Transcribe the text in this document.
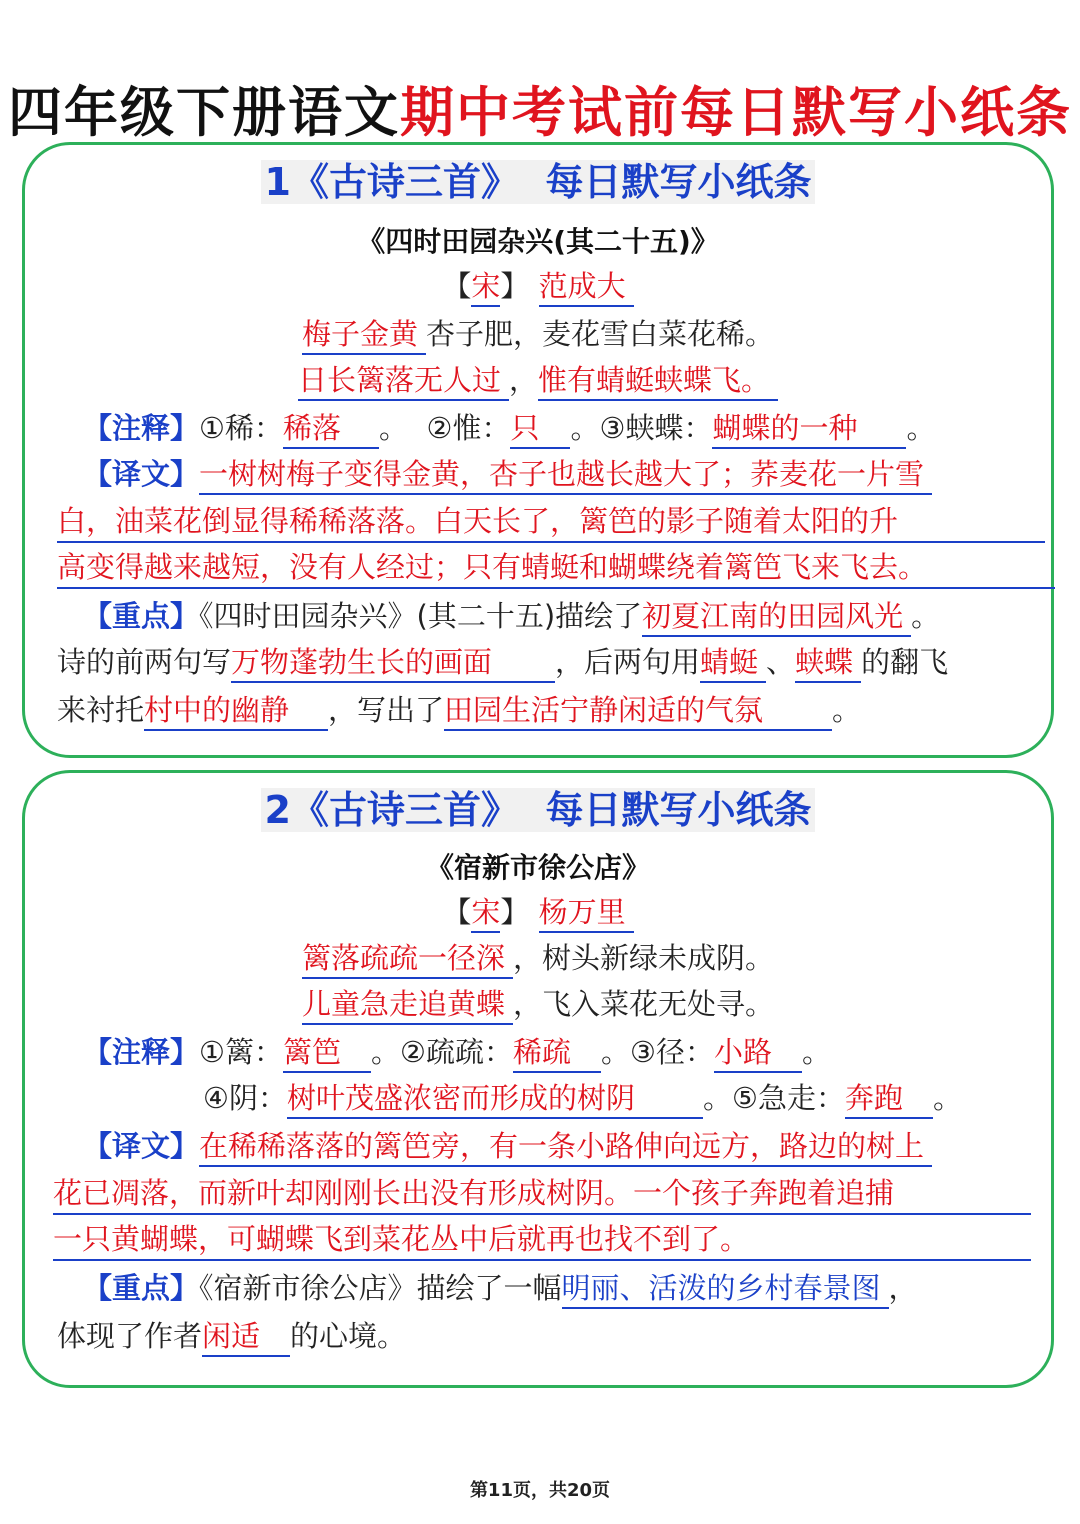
四年级下册语文期中考试前每日默写小纸条
1《古诗三首》 每日默写小纸条
《四时田园杂兴(其二十五)》
【宋】 范成大
梅子金黄 杏子肥，麦花雪白菜花稀。
日长篱落无人过 ，惟有蜻蜓蛱蝶飞。
【注释】①稀：稀落 。  ②惟：只 。③蛱蝶：蝴蝶的一种 。
【译文】一树树梅子变得金黄，杏子也越长越大了；荞麦花一片雪
白，油菜花倒显得稀稀落落。白天长了，篱笆的影子随着太阳的升
高变得越来越短，没有人经过；只有蜻蜓和蝴蝶绕着篱笆飞来飞去。
【重点】《四时田园杂兴》(其二十五)描绘了初夏江南的田园风光 。
诗的前两句写万物蓬勃生长的画面 ，后两句用蜻蜓 、蛱蝶 的翻飞
来衬托村中的幽静 ，写出了田园生活宁静闲适的气氛 。
2《古诗三首》 每日默写小纸条
《宿新市徐公店》
【宋】 杨万里
篱落疏疏一径深 ，树头新绿未成阴。
儿童急走追黄蝶 ，飞入菜花无处寻。
【注释】①篱：篱笆 。②疏疏：稀疏 。③径：小路 。
④阴：树叶茂盛浓密而形成的树阴 。⑤急走：奔跑 。
【译文】在稀稀落落的篱笆旁，有一条小路伸向远方，路边的树上
花已凋落，而新叶却刚刚长出没有形成树阴。一个孩子奔跑着追捕
一只黄蝴蝶，可蝴蝶飞到菜花丛中后就再也找不到了。
【重点】《宿新市徐公店》描绘了一幅明丽、活泼的乡村春景图 ，
体现了作者闲适 的心境。
第11页，共20页
